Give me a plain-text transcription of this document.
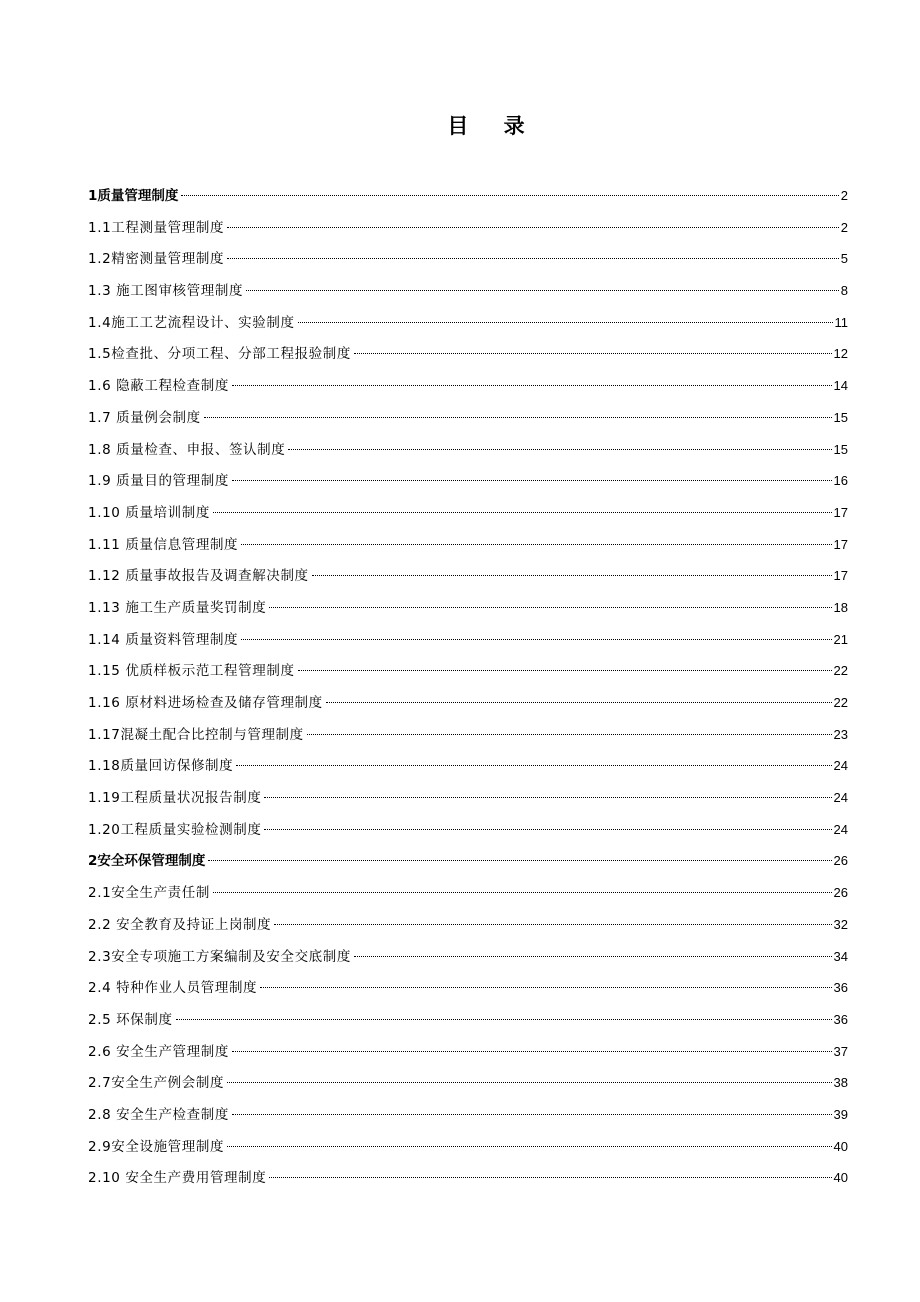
目 录
1质量管理制度	2
1.1工程测量管理制度	2
1.2精密测量管理制度	5
1.3 施工图审核管理制度	8
1.4施工工艺流程设计、实验制度	11
1.5检查批、分项工程、分部工程报验制度	12
1.6 隐蔽工程检查制度	14
1.7 质量例会制度	15
1.8 质量检查、申报、签认制度	15
1.9 质量目的管理制度	16
1.10 质量培训制度	17
1.11 质量信息管理制度	17
1.12 质量事故报告及调查解决制度	17
1.13 施工生产质量奖罚制度	18
1.14 质量资料管理制度	21
1.15 优质样板示范工程管理制度	22
1.16 原材料进场检查及储存管理制度	22
1.17混凝土配合比控制与管理制度	23
1.18质量回访保修制度	24
1.19工程质量状况报告制度	24
1.20工程质量实验检测制度	24
2安全环保管理制度	26
2.1安全生产责任制	26
2.2 安全教育及持证上岗制度	32
2.3安全专项施工方案编制及安全交底制度	34
2.4 特种作业人员管理制度	36
2.5 环保制度	36
2.6 安全生产管理制度	37
2.7安全生产例会制度	38
2.8 安全生产检查制度	39
2.9安全设施管理制度	40
2.10 安全生产费用管理制度	40
